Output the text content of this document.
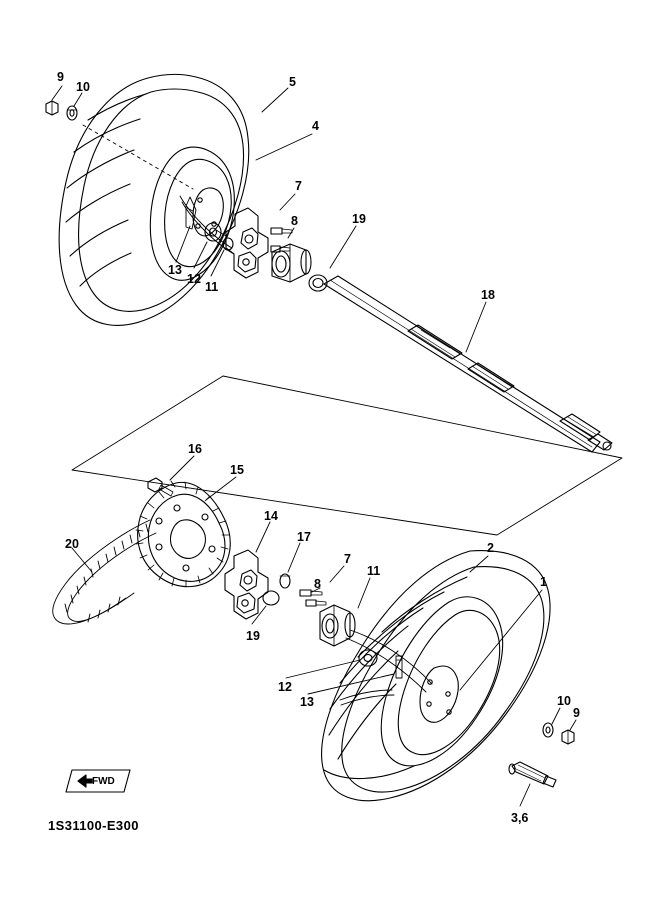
9
10	5
4
7
8	19
18
13
12
11
16
15
14
17
20
7
8
11
2
1
19
12
13	10
9
3,6
FWD
1S31100-E300
